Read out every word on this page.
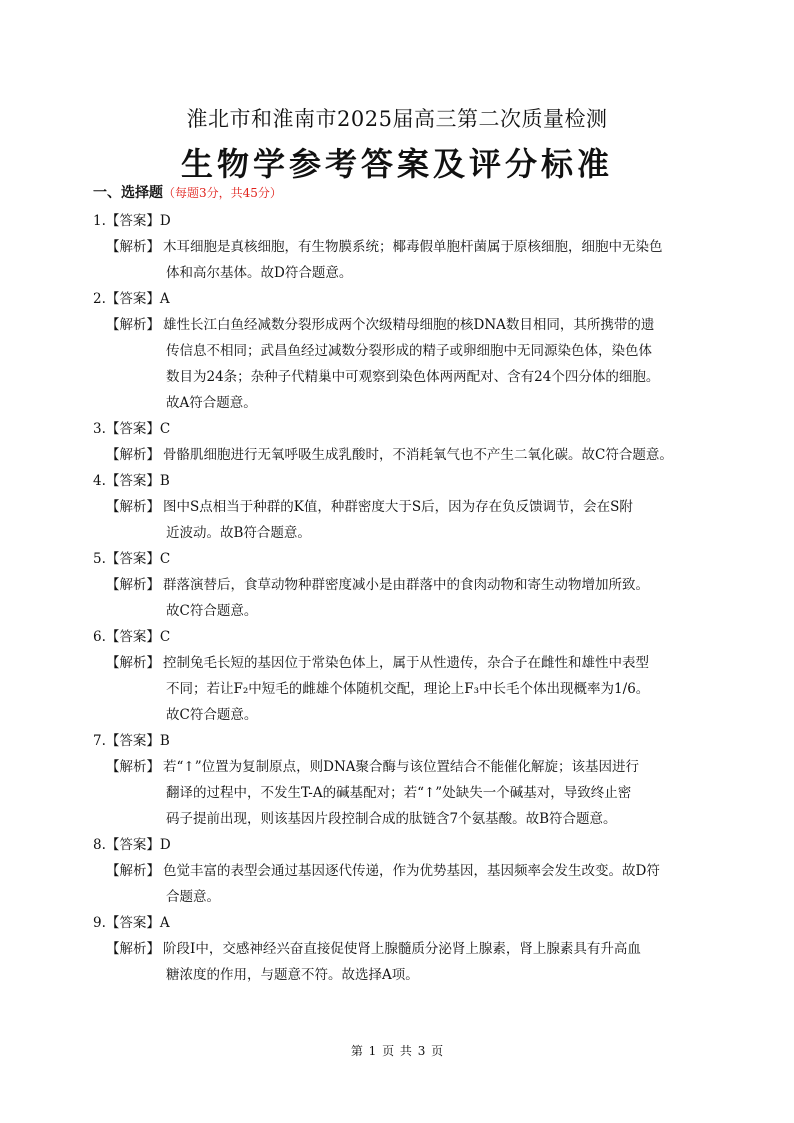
淮北市和淮南市2025届高三第二次质量检测
生物学参考答案及评分标准
一、选择题（每题3分，共45分）
1.【答案】D
【解析】 木耳细胞是真核细胞，有生物膜系统；椰毒假单胞杆菌属于原核细胞，细胞中无染色
体和高尔基体。故D符合题意。
2.【答案】A
【解析】 雄性长江白鱼经减数分裂形成两个次级精母细胞的核DNA数目相同，其所携带的遗
传信息不相同；武昌鱼经过减数分裂形成的精子或卵细胞中无同源染色体，染色体
数目为24条；杂种子代精巢中可观察到染色体两两配对、含有24个四分体的细胞。
故A符合题意。
3.【答案】C
【解析】 骨骼肌细胞进行无氧呼吸生成乳酸时，不消耗氧气也不产生二氧化碳。故C符合题意。
4.【答案】B
【解析】 图中S点相当于种群的K值，种群密度大于S后，因为存在负反馈调节，会在S附
近波动。故B符合题意。
5.【答案】C
【解析】 群落演替后，食草动物种群密度减小是由群落中的食肉动物和寄生动物增加所致。
故C符合题意。
6.【答案】C
【解析】 控制兔毛长短的基因位于常染色体上，属于从性遗传，杂合子在雌性和雄性中表型
不同；若让F₂中短毛的雌雄个体随机交配，理论上F₃中长毛个体出现概率为1/6。
故C符合题意。
7.【答案】B
【解析】 若“↑”位置为复制原点，则DNA聚合酶与该位置结合不能催化解旋；该基因进行
翻译的过程中，不发生T-A的碱基配对；若“↑”处缺失一个碱基对，导致终止密
码子提前出现，则该基因片段控制合成的肽链含7个氨基酸。故B符合题意。
8.【答案】D
【解析】 色觉丰富的表型会通过基因逐代传递，作为优势基因，基因频率会发生改变。故D符
合题意。
9.【答案】A
【解析】 阶段Ⅰ中，交感神经兴奋直接促使肾上腺髓质分泌肾上腺素，肾上腺素具有升高血
糖浓度的作用，与题意不符。故选择A项。
第 1 页 共 3 页
